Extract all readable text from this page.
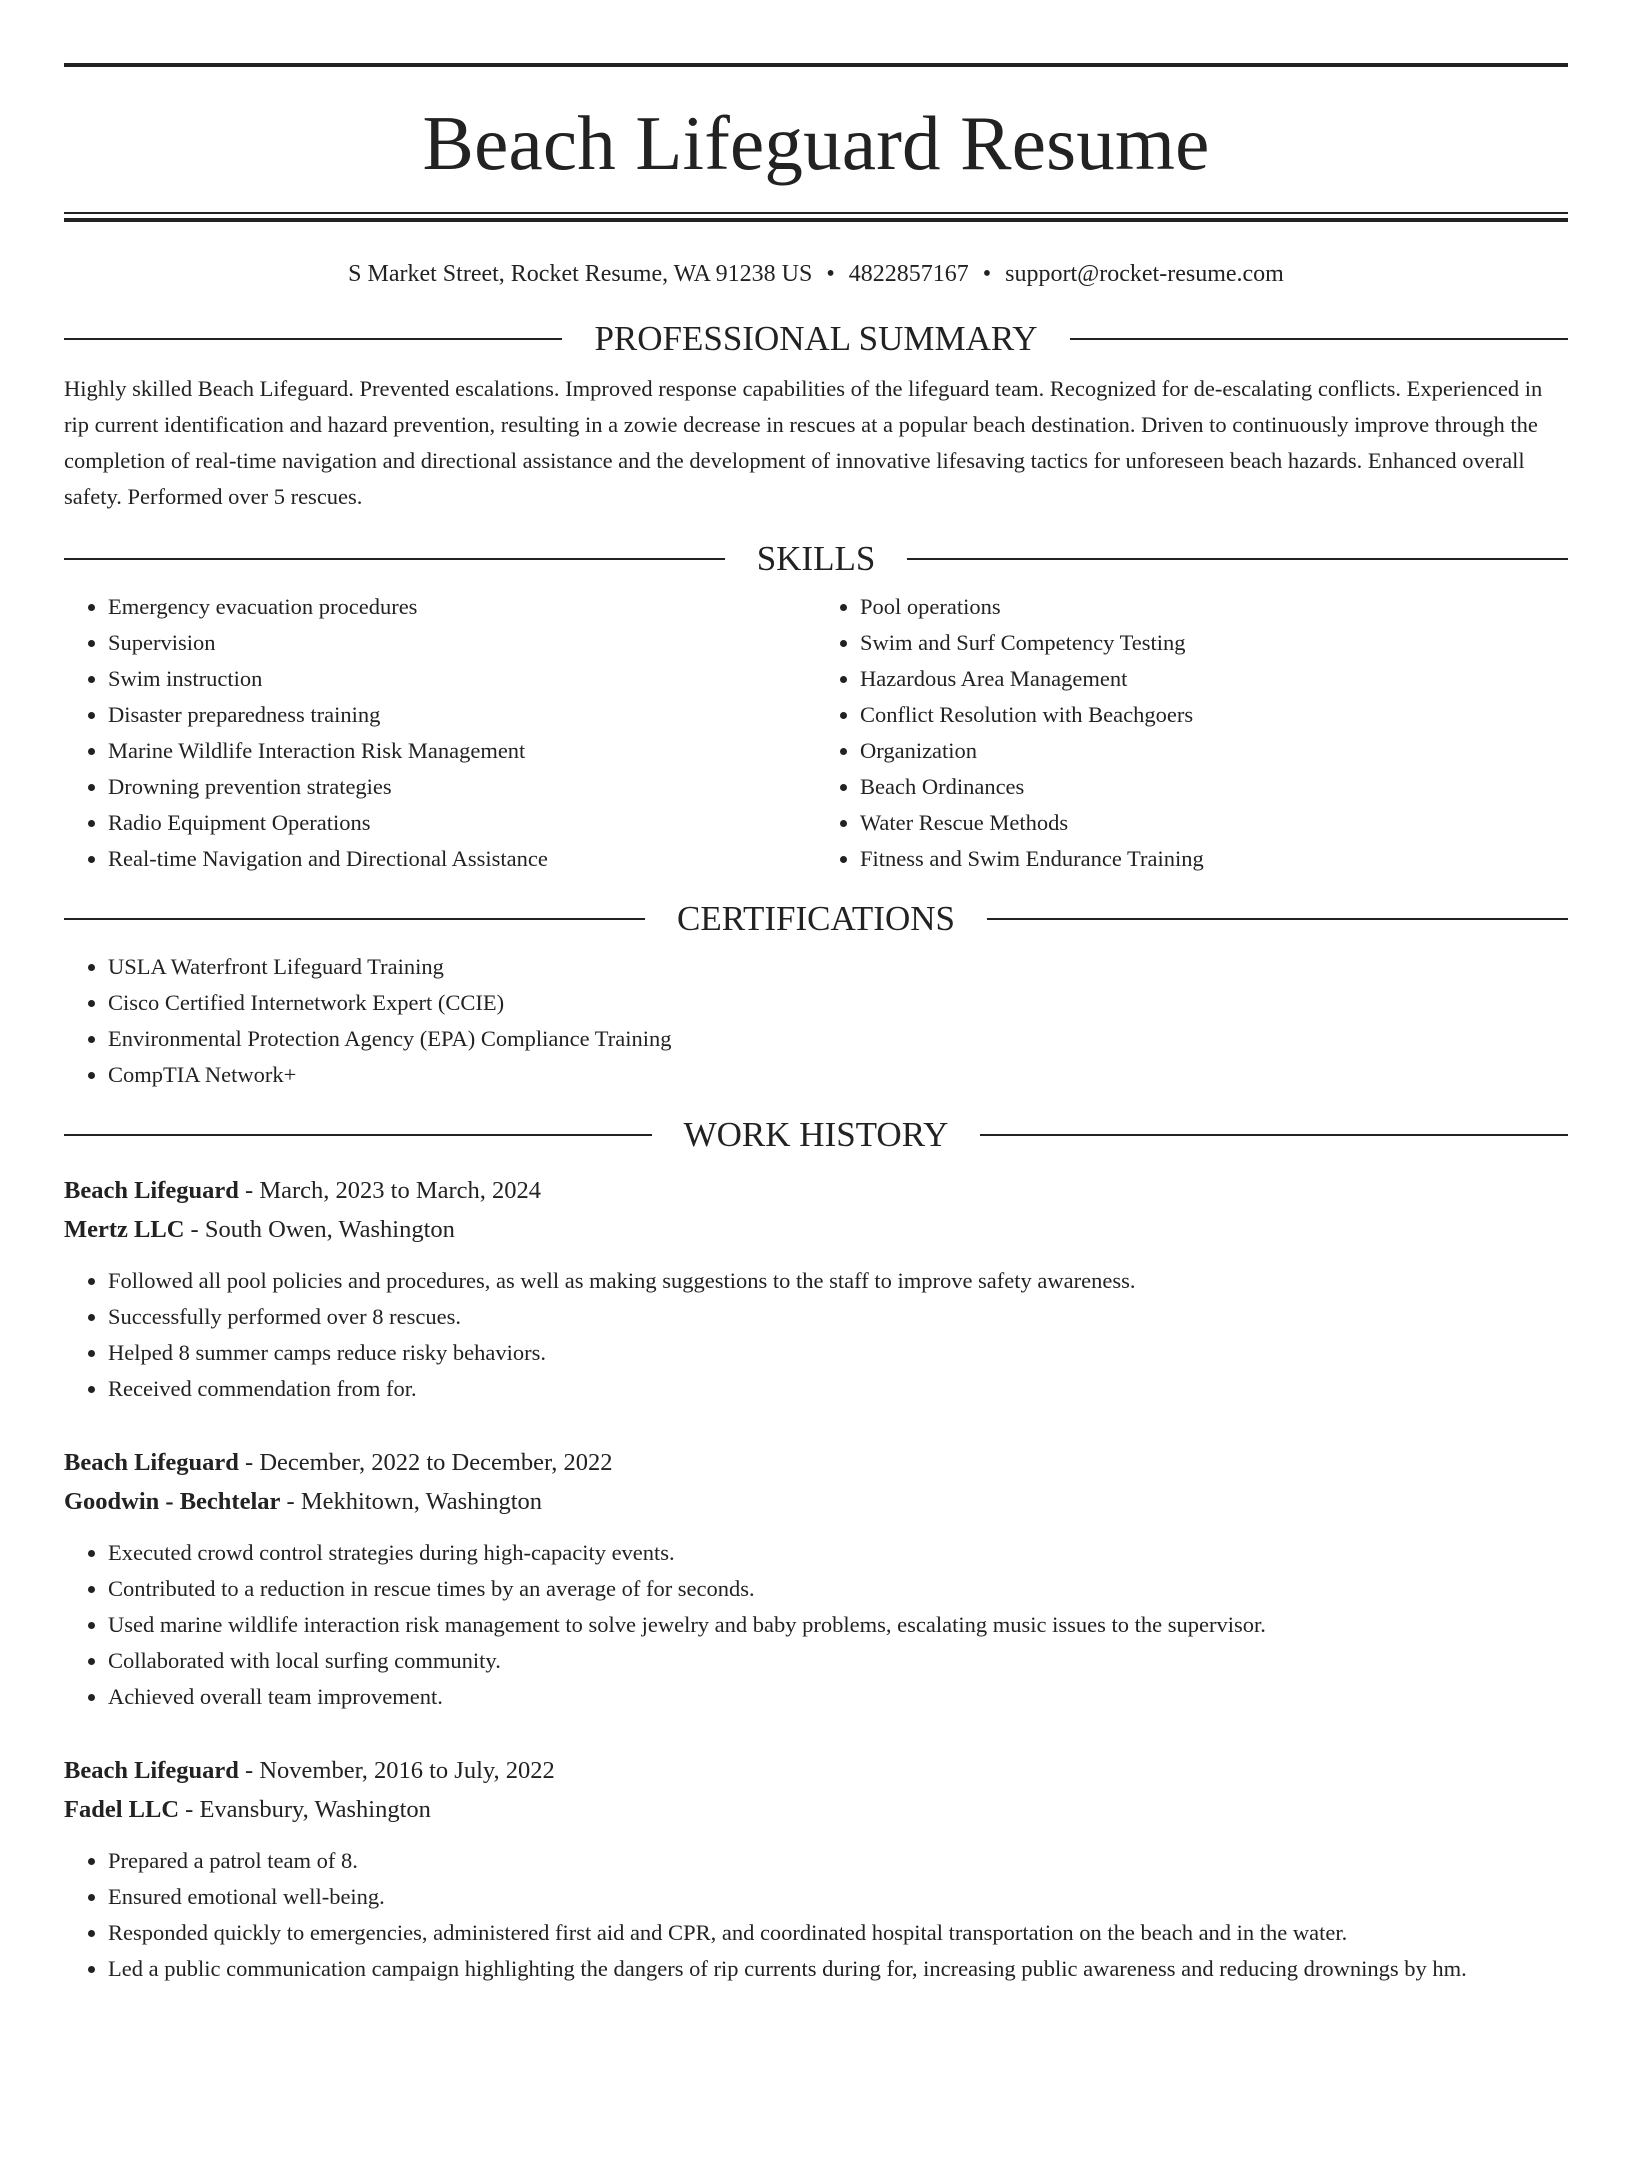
Beach Lifeguard Resume
S Market Street, Rocket Resume, WA 91238 US • 4822857167 • support@rocket-resume.com
PROFESSIONAL SUMMARY

Highly skilled Beach Lifeguard. Prevented escalations. Improved response capabilities of the lifeguard team. Recognized for de-escalating conflicts. Experienced in rip current identification and hazard prevention, resulting in a zowie decrease in rescues at a popular beach destination. Driven to continuously improve through the completion of real-time navigation and directional assistance and the development of innovative lifesaving tactics for unforeseen beach hazards. Enhanced overall safety. Performed over 5 rescues.

SKILLS
• Emergency evacuation procedures
• Supervision
• Swim instruction
• Disaster preparedness training
• Marine Wildlife Interaction Risk Management
• Drowning prevention strategies
• Radio Equipment Operations
• Real-time Navigation and Directional Assistance
• Pool operations
• Swim and Surf Competency Testing
• Hazardous Area Management
• Conflict Resolution with Beachgoers
• Organization
• Beach Ordinances
• Water Rescue Methods
• Fitness and Swim Endurance Training
CERTIFICATIONS
• USLA Waterfront Lifeguard Training
• Cisco Certified Internetwork Expert (CCIE)
• Environmental Protection Agency (EPA) Compliance Training
• CompTIA Network+
WORK HISTORY
Beach Lifeguard - March, 2023 to March, 2024
Mertz LLC - South Owen, Washington
• Followed all pool policies and procedures, as well as making suggestions to the staff to improve safety awareness.
• Successfully performed over 8 rescues.
• Helped 8 summer camps reduce risky behaviors.
• Received commendation from for.
Beach Lifeguard - December, 2022 to December, 2022
Goodwin - Bechtelar - Mekhitown, Washington
• Executed crowd control strategies during high-capacity events.
• Contributed to a reduction in rescue times by an average of for seconds.
• Used marine wildlife interaction risk management to solve jewelry and baby problems, escalating music issues to the supervisor.
• Collaborated with local surfing community.
• Achieved overall team improvement.
Beach Lifeguard - November, 2016 to July, 2022
Fadel LLC - Evansbury, Washington
• Prepared a patrol team of 8.
• Ensured emotional well-being.
• Responded quickly to emergencies, administered first aid and CPR, and coordinated hospital transportation on the beach and in the water.
• Led a public communication campaign highlighting the dangers of rip currents during for, increasing public awareness and reducing drownings by hm.
